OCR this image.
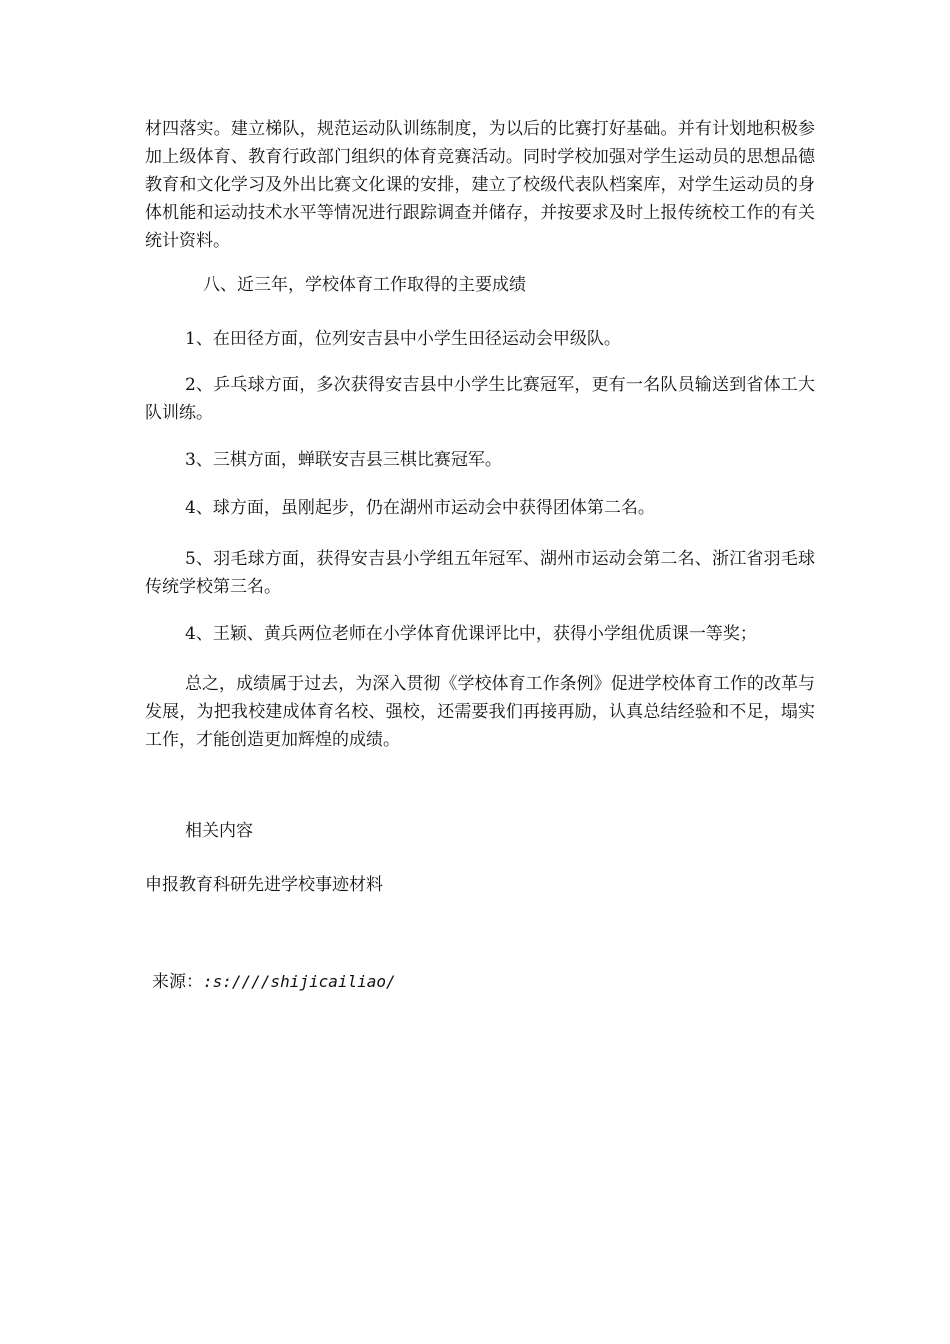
材四落实。建立梯队，规范运动队训练制度，为以后的比赛打好基础。并有计划地积极参加上级体育、教育行政部门组织的体育竞赛活动。同时学校加强对学生运动员的思想品德教育和文化学习及外出比赛文化课的安排，建立了校级代表队档案库，对学生运动员的身体机能和运动技术水平等情况进行跟踪调查并储存，并按要求及时上报传统校工作的有关统计资料。

八、近三年，学校体育工作取得的主要成绩

1、在田径方面，位列安吉县中小学生田径运动会甲级队。

2、乒乓球方面，多次获得安吉县中小学生比赛冠军，更有一名队员输送到省体工大队训练。

3、三棋方面，蝉联安吉县三棋比赛冠军。

4、球方面，虽刚起步，仍在湖州市运动会中获得团体第二名。

5、羽毛球方面，获得安吉县小学组五年冠军、湖州市运动会第二名、浙江省羽毛球传统学校第三名。

4、王颖、黄兵两位老师在小学体育优课评比中，获得小学组优质课一等奖；

总之，成绩属于过去，为深入贯彻《学校体育工作条例》促进学校体育工作的改革与发展，为把我校建成体育名校、强校，还需要我们再接再励，认真总结经验和不足，塌实工作，才能创造更加辉煌的成绩。

相关内容

申报教育科研先进学校事迹材料

来源：:s:////shijicailiao/
